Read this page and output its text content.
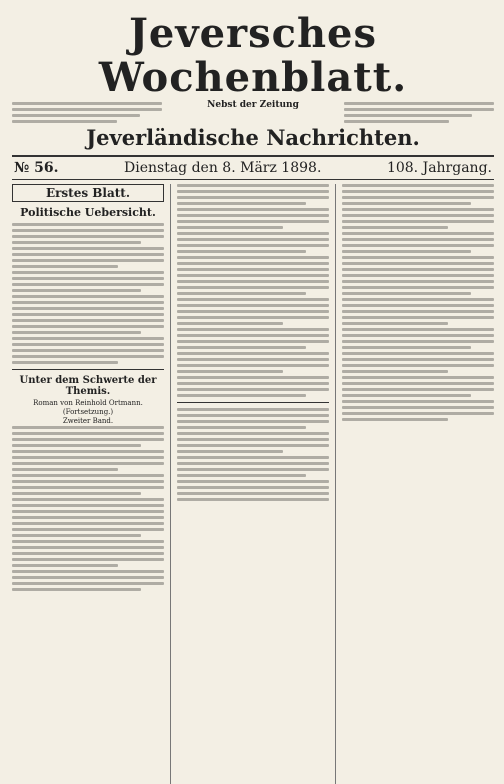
Jeversches Wochenblatt.
Nebst der Zeitung
Jeverländische Nachrichten.
№ 56.	Dienstag den 8. März 1898.	108. Jahrgang.
Erstes Blatt.
Politische Uebersicht.
Unter dem Schwerte der Themis.
Roman von Reinhold Ortmann.
(Fortsetzung.)
Zweiter Band.
